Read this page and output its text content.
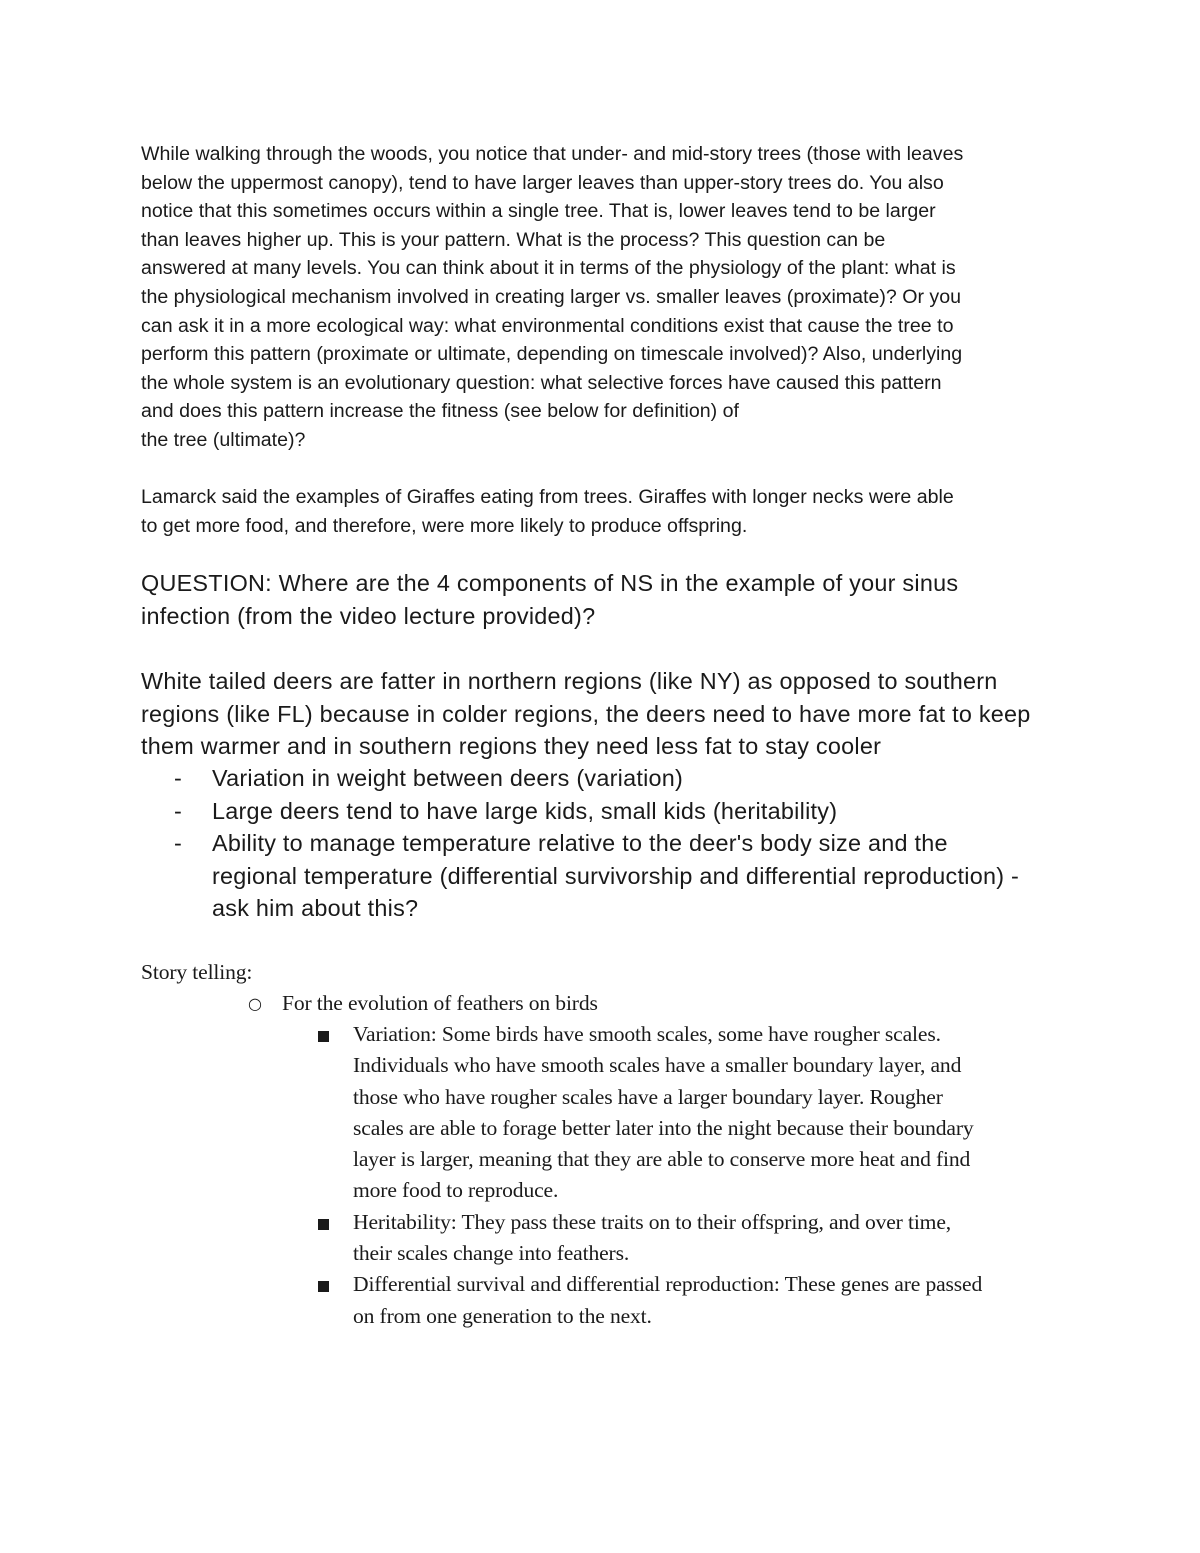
While walking through the woods, you notice that under- and mid-story trees (those with leaves
below the uppermost canopy), tend to have larger leaves than upper-story trees do. You also
notice that this sometimes occurs within a single tree. That is, lower leaves tend to be larger
than leaves higher up. This is your pattern. What is the process? This question can be
answered at many levels. You can think about it in terms of the physiology of the plant: what is
the physiological mechanism involved in creating larger vs. smaller leaves (proximate)? Or you
can ask it in a more ecological way: what environmental conditions exist that cause the tree to
perform this pattern (proximate or ultimate, depending on timescale involved)? Also, underlying
the whole system is an evolutionary question: what selective forces have caused this pattern
and does this pattern increase the fitness (see below for definition) of
the tree (ultimate)?

Lamarck said the examples of Giraffes eating from trees. Giraffes with longer necks were able
to get more food, and therefore, were more likely to produce offspring.

QUESTION: Where are the 4 components of NS in the example of your sinus
infection (from the video lecture provided)?

White tailed deers are fatter in northern regions (like NY) as opposed to southern
regions (like FL) because in colder regions, the deers need to have more fat to keep
them warmer and in southern regions they need less fat to stay cooler

- Variation in weight between deers (variation)
- Large deers tend to have large kids, small kids (heritability)
- Ability to manage temperature relative to the deer's body size and the
regional temperature (differential survivorship and differential reproduction) -
ask him about this?

Story telling:

○ For the evolution of feathers on birds
Variation: Some birds have smooth scales, some have rougher scales.
Individuals who have smooth scales have a smaller boundary layer, and
those who have rougher scales have a larger boundary layer. Rougher
scales are able to forage better later into the night because their boundary
layer is larger, meaning that they are able to conserve more heat and find
more food to reproduce.
Heritability: They pass these traits on to their offspring, and over time,
their scales change into feathers.
Differential survival and differential reproduction: These genes are passed
on from one generation to the next.
